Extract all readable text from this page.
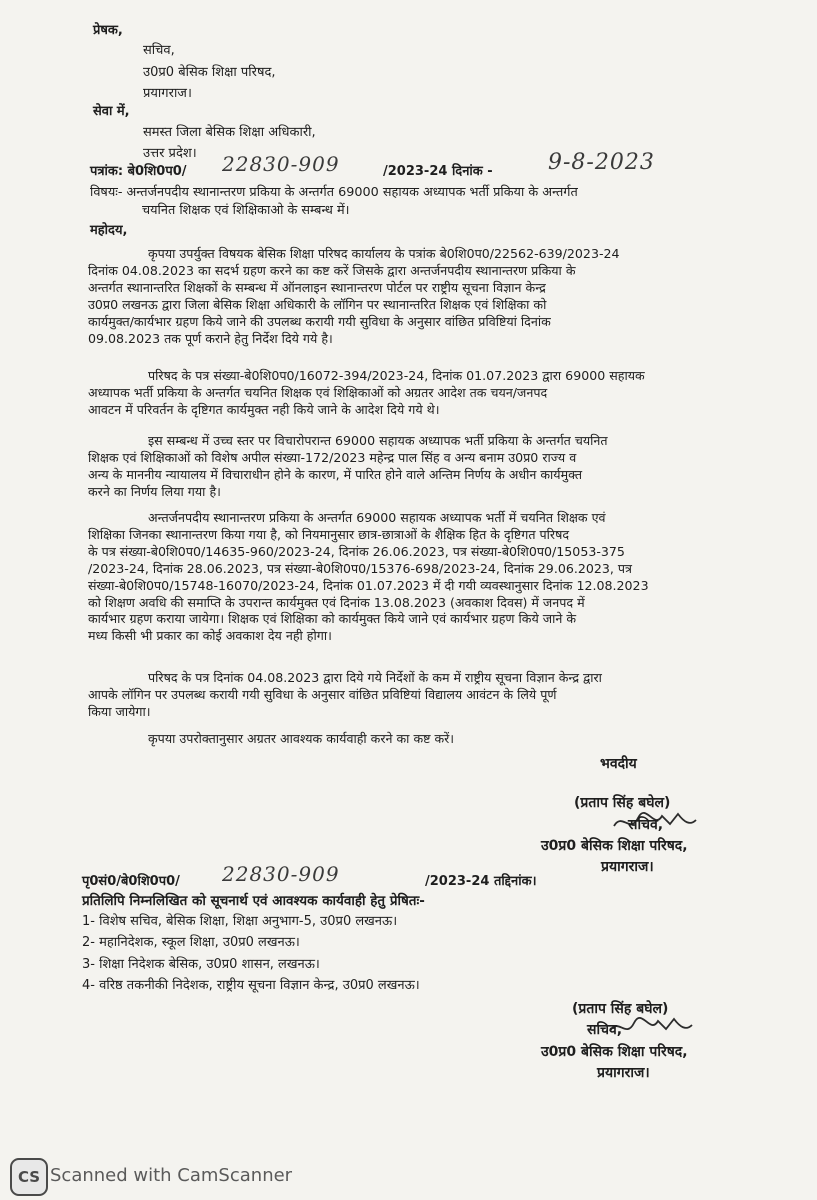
प्रेषक,
सचिव,
उ0प्र0 बेसिक शिक्षा परिषद,
प्रयागराज।
सेवा में,
समस्त जिला बेसिक शिक्षा अधिकारी,
उत्तर प्रदेश।
पत्रांक: बे0शि0प0/ 22830-909	/2023-24 दिनांक -	9-8-2023
विषयः- अन्तर्जनपदीय स्थानान्तरण प्रकिया के अन्तर्गत 69000 सहायक अध्यापक भर्ती प्रकिया के अन्तर्गत
चयनित शिक्षक एवं शिक्षिकाओ के सम्बन्ध में।
महोदय,
कृपया उपर्युक्त विषयक बेसिक शिक्षा परिषद कार्यालय के पत्रांक बे0शि0प0/22562-639/2023-24
दिनांक 04.08.2023 का सदर्भ ग्रहण करने का कष्ट करें जिसके द्वारा अन्तर्जनपदीय स्थानान्तरण प्रकिया के
अन्तर्गत स्थानान्तरित शिक्षकों के सम्बन्ध में ऑनलाइन स्थानान्तरण पोर्टल पर राष्ट्रीय सूचना विज्ञान केन्द्र
उ0प्र0 लखनऊ द्वारा जिला बेसिक शिक्षा अधिकारी के लॉगिन पर स्थानान्तरित शिक्षक एवं शिक्षिका को
कार्यमुक्त/कार्यभार ग्रहण किये जाने की उपलब्ध करायी गयी सुविधा के अनुसार वांछित प्रविष्टियां दिनांक
09.08.2023 तक पूर्ण कराने हेतु निर्देश दिये गये है।
परिषद के पत्र संख्या-बे0शि0प0/16072-394/2023-24, दिनांक 01.07.2023 द्वारा 69000 सहायक
अध्यापक भर्ती प्रकिया के अन्तर्गत चयनित शिक्षक एवं शिक्षिकाओं को अग्रतर आदेश तक चयन/जनपद
आवटन में परिवर्तन के दृष्टिगत कार्यमुक्त नही किये जाने के आदेश दिये गये थे।
इस सम्बन्ध में उच्च स्तर पर विचारोपरान्त 69000 सहायक अध्यापक भर्ती प्रकिया के अन्तर्गत चयनित
शिक्षक एवं शिक्षिकाओं को विशेष अपील संख्या-172/2023 महेन्द्र पाल सिंह व अन्य बनाम उ0प्र0 राज्य व
अन्य के माननीय न्यायालय में विचाराधीन होने के कारण, में पारित होने वाले अन्तिम निर्णय के अधीन कार्यमुक्त
करने का निर्णय लिया गया है।
अन्तर्जनपदीय स्थानान्तरण प्रकिया के अन्तर्गत 69000 सहायक अध्यापक भर्ती में चयनित शिक्षक एवं
शिक्षिका जिनका स्थानान्तरण किया गया है, को नियमानुसार छात्र-छात्राओं के शैक्षिक हित के दृष्टिगत परिषद
के पत्र संख्या-बे0शि0प0/14635-960/2023-24, दिनांक 26.06.2023, पत्र संख्या-बे0शि0प0/15053-375
/2023-24, दिनांक 28.06.2023, पत्र संख्या-बे0शि0प0/15376-698/2023-24, दिनांक 29.06.2023, पत्र
संख्या-बे0शि0प0/15748-16070/2023-24, दिनांक 01.07.2023 में दी गयी व्यवस्थानुसार दिनांक 12.08.2023
को शिक्षण अवधि की समाप्ति के उपरान्त कार्यमुक्त एवं दिनांक 13.08.2023 (अवकाश दिवस) में जनपद में
कार्यभार ग्रहण कराया जायेगा। शिक्षक एवं शिक्षिका को कार्यमुक्त किये जाने एवं कार्यभार ग्रहण किये जाने के
मध्य किसी भी प्रकार का कोई अवकाश देय नही होगा।
परिषद के पत्र दिनांक 04.08.2023 द्वारा दिये गये निर्देशों के कम में राष्ट्रीय सूचना विज्ञान केन्द्र द्वारा
आपके लॉगिन पर उपलब्ध करायी गयी सुविधा के अनुसार वांछित प्रविष्टियां विद्यालय आवंटन के लिये पूर्ण
किया जायेगा।
कृपया उपरोक्तानुसार अग्रतर आवश्यक कार्यवाही करने का कष्ट करें।
भवदीय
(प्रताप सिंह बघेल)
सचिव,
उ0प्र0 बेसिक शिक्षा परिषद,
प्रयागराज।
पृ0सं0/बे0शि0प0/ 22830-909	/2023-24 तद्दिनांक।
प्रतिलिपि निम्नलिखित को सूचनार्थ एवं आवश्यक कार्यवाही हेतु प्रेषितः-
1- विशेष सचिव, बेसिक शिक्षा, शिक्षा अनुभाग-5, उ0प्र0 लखनऊ।
2- महानिदेशक, स्कूल शिक्षा, उ0प्र0 लखनऊ।
3- शिक्षा निदेशक बेसिक, उ0प्र0 शासन, लखनऊ।
4- वरिष्ठ तकनीकी निदेशक, राष्ट्रीय सूचना विज्ञान केन्द्र, उ0प्र0 लखनऊ।
(प्रताप सिंह बघेल)
सचिव,
उ0प्र0 बेसिक शिक्षा परिषद,
प्रयागराज।
CS Scanned with CamScanner
